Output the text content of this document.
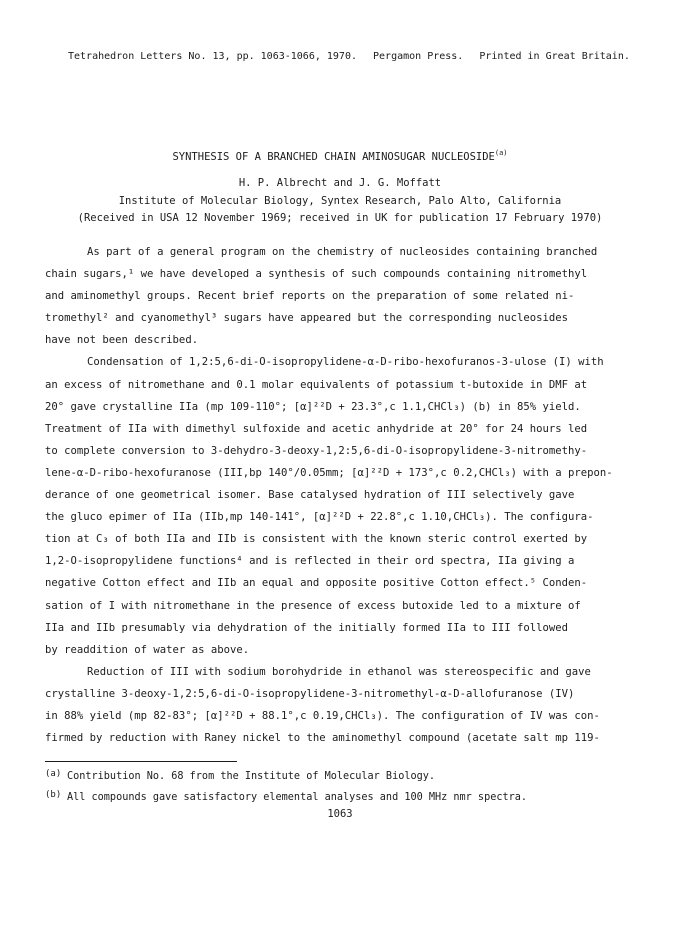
Tetrahedron Letters No. 13, pp. 1063-1066, 1970. Pergamon Press. Printed in Great Britain.
SYNTHESIS OF A BRANCHED CHAIN AMINOSUGAR NUCLEOSIDE$^{(a)}$
H. P. Albrecht and J. G. Moffatt
Institute of Molecular Biology, Syntex Research, Palo Alto, California
(Received in USA 12 November 1969; received in UK for publication 17 February 1970)
As part of a general program on the chemistry of nucleosides containing branched
chain sugars,¹ we have developed a synthesis of such compounds containing nitromethyl
and aminomethyl groups. Recent brief reports on the preparation of some related ni-
tromethyl² and cyanomethyl³ sugars have appeared but the corresponding nucleosides
have not been described.
Condensation of 1,2:5,6-di-O-isopropylidene-α-D-ribo-hexofuranos-3-ulose (I) with
an excess of nitromethane and 0.1 molar equivalents of potassium t-butoxide in DMF at
20° gave crystalline IIa (mp 109-110°; [α]²²D + 23.3°,c 1.1,CHCl₃) (b) in 85% yield.
Treatment of IIa with dimethyl sulfoxide and acetic anhydride at 20° for 24 hours led
to complete conversion to 3-dehydro-3-deoxy-1,2:5,6-di-O-isopropylidene-3-nitromethy-
lene-α-D-ribo-hexofuranose (III,bp 140°/0.05mm; [α]²²D + 173°,c 0.2,CHCl₃) with a prepon-
derance of one geometrical isomer. Base catalysed hydration of III selectively gave
the gluco epimer of IIa (IIb,mp 140-141°, [α]²²D + 22.8°,c 1.10,CHCl₃). The configura-
tion at C₃ of both IIa and IIb is consistent with the known steric control exerted by
1,2-O-isopropylidene functions⁴ and is reflected in their ord spectra, IIa giving a
negative Cotton effect and IIb an equal and opposite positive Cotton effect.⁵ Conden-
sation of I with nitromethane in the presence of excess butoxide led to a mixture of
IIa and IIb presumably via dehydration of the initially formed IIa to III followed
by readdition of water as above.
Reduction of III with sodium borohydride in ethanol was stereospecific and gave
crystalline 3-deoxy-1,2:5,6-di-O-isopropylidene-3-nitromethyl-α-D-allofuranose (IV)
in 88% yield (mp 82-83°; [α]²²D + 88.1°,c 0.19,CHCl₃). The configuration of IV was con-
firmed by reduction with Raney nickel to the aminomethyl compound (acetate salt mp 119-
(a) Contribution No. 68 from the Institute of Molecular Biology.
(b) All compounds gave satisfactory elemental analyses and 100 MHz nmr spectra.
1063
